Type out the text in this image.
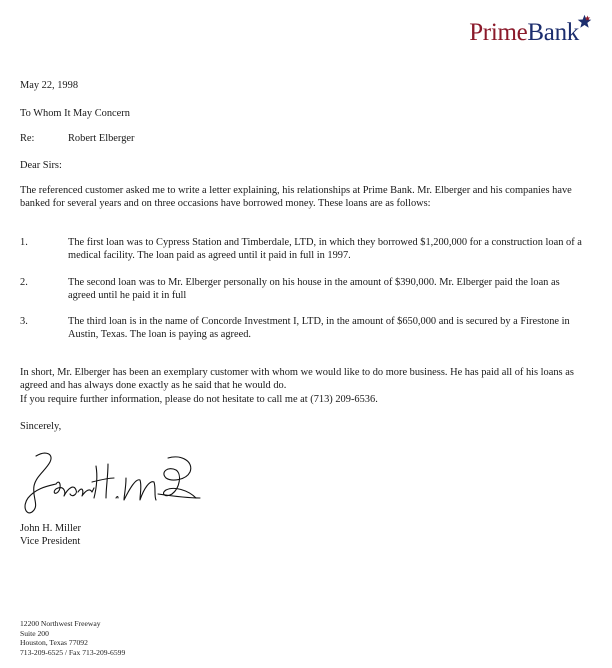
PrimeBank
May 22, 1998
To Whom It May Concern
Re:	Robert Elberger
Dear Sirs:
The referenced customer asked me to write a letter explaining, his relationships at Prime Bank. Mr. Elberger and his companies have banked for several years and on three occasions have borrowed money. These loans are as follows:
1.	The first loan was to Cypress Station and Timberdale, LTD, in which they borrowed $1,200,000 for a construction loan of a medical facility. The loan paid as agreed until it paid in full in 1997.
2.	The second loan was to Mr. Elberger personally on his house in the amount of $390,000. Mr. Elberger paid the loan as agreed until he paid it in full
3.	The third loan is in the name of Concorde Investment I, LTD, in the amount of $650,000 and is secured by a Firestone in Austin, Texas. The loan is paying as agreed.
In short, Mr. Elberger has been an exemplary customer with whom we would like to do more business. He has paid all of his loans as agreed and has always done exactly as he said that he would do.
If you require further information, please do not hesitate to call me at (713) 209-6536.
Sincerely,
John H. Miller
Vice President
12200 Northwest Freeway
Suite 200
Houston, Texas 77092
713-209-6525 / Fax 713-209-6599
